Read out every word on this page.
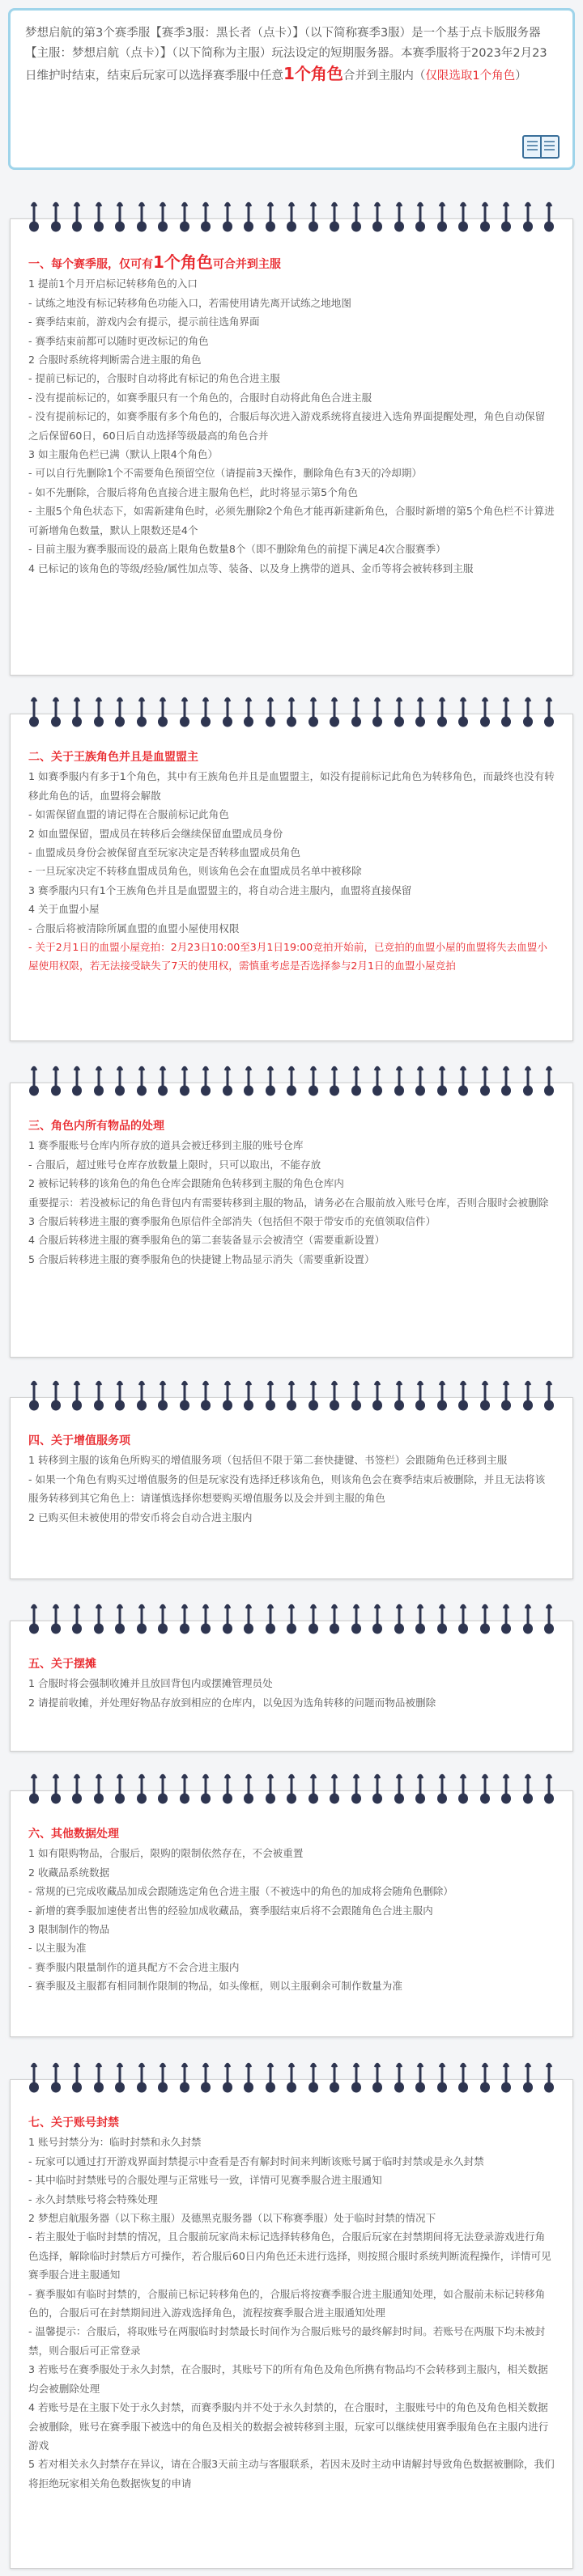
梦想启航的第3个赛季服【赛季3服：黑长者（点卡）】（以下简称赛季3服）是一个基于点卡版服务器【主服：梦想启航（点卡）】（以下简称为主服）玩法设定的短期服务器。本赛季服将于2023年2月23日维护时结束，结束后玩家可以选择赛季服中任意1个角色合并到主服内（仅限选取1个角色）
一、每个赛季服，仅可有1个角色可合并到主服
1 提前1个月开启标记转移角色的入口
- 试练之地没有标记转移角色功能入口，若需使用请先离开试练之地地图
- 赛季结束前，游戏内会有提示，提示前往选角界面
- 赛季结束前都可以随时更改标记的角色
2 合服时系统将判断需合进主服的角色
- 提前已标记的，合服时自动将此有标记的角色合进主服
- 没有提前标记的，如赛季服只有一个角色的，合服时自动将此角色合进主服
- 没有提前标记的，如赛季服有多个角色的，合服后每次进入游戏系统将直接进入选角界面提醒处理，角色自动保留之后保留60日，60日后自动选择等级最高的角色合并
3 如主服角色栏已满（默认上限4个角色）
- 可以自行先删除1个不需要角色预留空位（请提前3天操作，删除角色有3天的冷却期）
- 如不先删除，合服后将角色直接合进主服角色栏，此时将显示第5个角色
- 主服5个角色状态下，如需新建角色时，必须先删除2个角色才能再新建新角色，合服时新增的第5个角色栏不计算进可新增角色数量，默认上限数还是4个
- 目前主服为赛季服而设的最高上限角色数量8个（即不删除角色的前提下满足4次合服赛季）
4 已标记的该角色的等级/经验/属性加点等、装备、以及身上携带的道具、金币等将会被转移到主服
二、关于王族角色并且是血盟盟主
1 如赛季服内有多于1个角色，其中有王族角色并且是血盟盟主，如没有提前标记此角色为转移角色，而最终也没有转移此角色的话，血盟将会解散
- 如需保留血盟的请记得在合服前标记此角色
2 如血盟保留，盟成员在转移后会继续保留血盟成员身份
- 血盟成员身份会被保留直至玩家决定是否转移血盟成员角色
- 一旦玩家决定不转移血盟成员角色，则该角色会在血盟成员名单中被移除
3 赛季服内只有1个王族角色并且是血盟盟主的，将自动合进主服内，血盟将直接保留
4 关于血盟小屋
- 合服后将被清除所属血盟的血盟小屋使用权限
- 关于2月1日的血盟小屋竞拍：2月23日10:00至3月1日19:00竞拍开始前，已竞拍的血盟小屋的血盟将失去血盟小屋使用权限，若无法接受缺失了7天的使用权，需慎重考虑是否选择参与2月1日的血盟小屋竞拍
三、角色内所有物品的处理
1 赛季服账号仓库内所存放的道具会被迁移到主服的账号仓库
- 合服后，超过账号仓库存放数量上限时，只可以取出，不能存放
2 被标记转移的该角色的角色仓库会跟随角色转移到主服的角色仓库内
重要提示：若没被标记的角色背包内有需要转移到主服的物品，请务必在合服前放入账号仓库，否则合服时会被删除
3 合服后转移进主服的赛季服角色原信件全部消失（包括但不限于带安币的充值领取信件）
4 合服后转移进主服的赛季服角色的第二套装备显示会被清空（需要重新设置）
5 合服后转移进主服的赛季服角色的快捷键上物品显示消失（需要重新设置）
四、关于增值服务项
1 转移到主服的该角色所购买的增值服务项（包括但不限于第二套快捷键、书签栏）会跟随角色迁移到主服
- 如果一个角色有购买过增值服务的但是玩家没有选择迁移该角色，则该角色会在赛季结束后被删除，并且无法将该服务转移到其它角色上：请谨慎选择你想要购买增值服务以及会并到主服的角色
2 已购买但未被使用的带安币将会自动合进主服内
五、关于摆摊
1 合服时将会强制收摊并且放回背包内或摆摊管理员处
2 请提前收摊，并处理好物品存放到相应的仓库内，以免因为选角转移的问题而物品被删除
六、其他数据处理
1 如有限购物品，合服后，限购的限制依然存在，不会被重置
2 收藏品系统数据
- 常规的已完成收藏品加成会跟随选定角色合进主服（不被选中的角色的加成将会随角色删除）
- 新增的赛季服加速使者出售的经验加成收藏品，赛季服结束后将不会跟随角色合进主服内
3 限制制作的物品
- 以主服为准
- 赛季服内限量制作的道具配方不会合进主服内
- 赛季服及主服都有相同制作限制的物品，如头像框，则以主服剩余可制作数量为准
七、关于账号封禁
1 账号封禁分为：临时封禁和永久封禁
- 玩家可以通过打开游戏界面封禁提示中查看是否有解封时间来判断该账号属于临时封禁或是永久封禁
- 其中临时封禁账号的合服处理与正常账号一致，详情可见赛季服合进主服通知
- 永久封禁账号将会特殊处理
2 梦想启航服务器（以下称主服）及德黑克服务器（以下称赛季服）处于临时封禁的情况下
- 若主服处于临时封禁的情况，且合服前玩家尚未标记选择转移角色，合服后玩家在封禁期间将无法登录游戏进行角色选择，解除临时封禁后方可操作，若合服后60日内角色还未进行选择，则按照合服时系统判断流程操作，详情可见赛季服合进主服通知
- 赛季服如有临时封禁的，合服前已标记转移角色的，合服后将按赛季服合进主服通知处理，如合服前未标记转移角色的，合服后可在封禁期间进入游戏选择角色，流程按赛季服合进主服通知处理
- 温馨提示：合服后，将取账号在两服临时封禁最长时间作为合服后账号的最终解封时间。若账号在两服下均未被封禁，则合服后可正常登录
3 若账号在赛季服处于永久封禁，在合服时，其账号下的所有角色及角色所携有物品均不会转移到主服内，相关数据均会被删除处理
4 若账号是在主服下处于永久封禁，而赛季服内并不处于永久封禁的，在合服时，主服账号中的角色及角色相关数据会被删除，账号在赛季服下被选中的角色及相关的数据会被转移到主服，玩家可以继续使用赛季服角色在主服内进行游戏
5 若对相关永久封禁存在异议，请在合服3天前主动与客服联系，若因未及时主动申请解封导致角色数据被删除，我们将拒绝玩家相关角色数据恢复的申请
